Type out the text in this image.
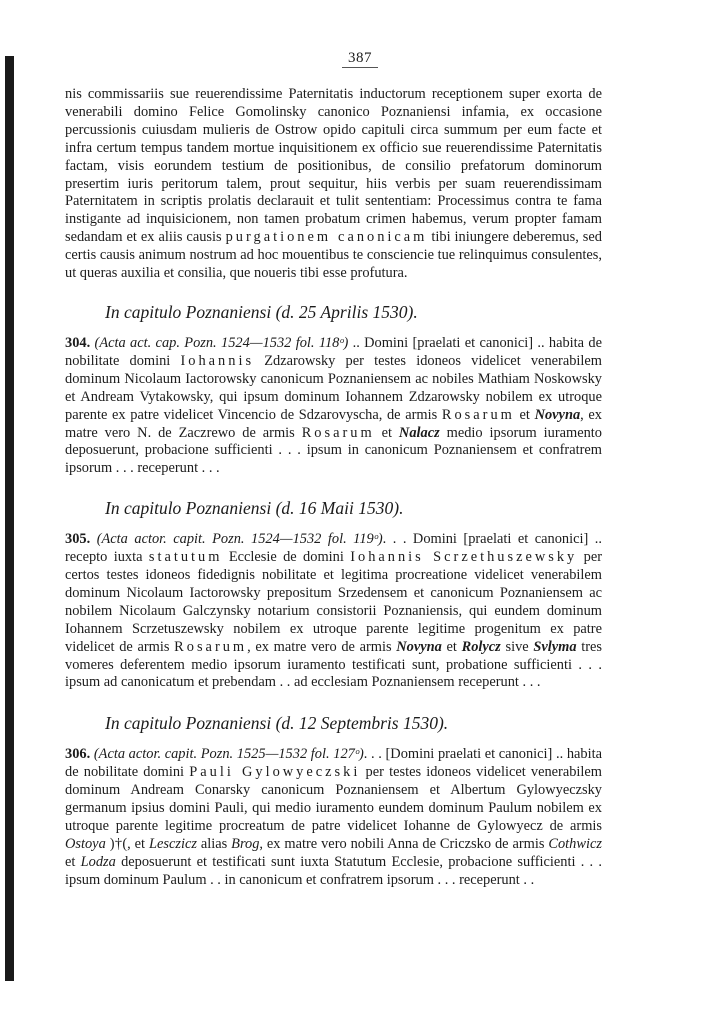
387

nis commissariis sue reuerendissime Paternitatis inductorum receptionem super exorta de venerabili domino Felice Gomolinsky canonico Poznaniensi infamia, ex occasione percussionis cuiusdam mulieris de Ostrow opido capituli circa summum per eum facte et infra certum tempus tandem mortue inquisitionem ex officio sue reuerendissime Paternitatis factam, visis eorundem testium de positionibus, de consilio prefatorum dominorum presertim iuris peritorum talem, prout sequitur, hiis verbis per suam reuerendissimam Paternitatem in scriptis prolatis declarauit et tulit sententiam: Processimus contra te fama instigante ad inquisicionem, non tamen probatum crimen habemus, verum propter famam sedandam et ex aliis causis purgationem canonicam tibi iniungere deberemus, sed certis causis animum nostrum ad hoc mouentibus te consciencie tue relinquimus consulentes, ut queras auxilia et consilia, que noueris tibi esse profutura.

In capitulo Poznaniensi (d. 25 Aprilis 1530).

304. (Acta act. cap. Pozn. 1524—1532 fol. 118ᵒ) .. Domini [praelati et canonici] .. habita de nobilitate domini Iohannis Zdzarowsky per testes idoneos videlicet venerabilem dominum Nicolaum Iactorowsky canonicum Poznaniensem ac nobiles Mathiam Noskowsky et Andream Vytakowsky, qui ipsum dominum Iohannem Zdzarowsky nobilem ex utroque parente ex patre videlicet Vincencio de Sdzarovyscha, de armis Rosarum et Novyna, ex matre vero N. de Zaczrewo de armis Rosarum et Nalacz medio ipsorum iuramento deposuerunt, probacione sufficienti . . . ipsum in canonicum Poznaniensem et confratrem ipsorum . . . receperunt . . .

In capitulo Poznaniensi (d. 16 Maii 1530).

305. (Acta actor. capit. Pozn. 1524—1532 fol. 119ᵒ). . . Domini [praelati et canonici] .. recepto iuxta statutum Ecclesie de domini Iohannis Scrzethuszewsky per certos testes idoneos fidedignis nobilitate et legitima procreatione videlicet venerabilem dominum Nicolaum Iactorowsky prepositum Srzedensem et canonicum Poznaniensem ac nobilem Nicolaum Galczynsky notarium consistorii Poznaniensis, qui eundem dominum Iohannem Scrzetuszewsky nobilem ex utroque parente legitime progenitum ex patre videlicet de armis Rosarum, ex matre vero de armis Novyna et Rolycz sive Svlyma tres vomeres deferentem medio ipsorum iuramento testificati sunt, probatione sufficienti . . . ipsum ad canonicatum et prebendam . . ad ecclesiam Poznaniensem receperunt . . .

In capitulo Poznaniensi (d. 12 Septembris 1530).

306. (Acta actor. capit. Pozn. 1525—1532 fol. 127ᵒ). . . [Domini praelati et canonici] .. habita de nobilitate domini Pauli Gylowyeczski per testes idoneos videlicet venerabilem dominum Andream Conarsky canonicum Poznaniensem et Albertum Gylowyeczsky germanum ipsius domini Pauli, qui medio iuramento eundem dominum Paulum nobilem ex utroque parente legitime procreatum de patre videlicet Iohanne de Gylowyecz de armis Ostoya )†(, et Lesczicz alias Brog, ex matre vero nobili Anna de Criczsko de armis Cothwicz et Lodza deposuerunt et testificati sunt iuxta Statutum Ecclesie, probacione sufficienti . . . ipsum dominum Paulum . . in canonicum et confratrem ipsorum . . . receperunt . .
